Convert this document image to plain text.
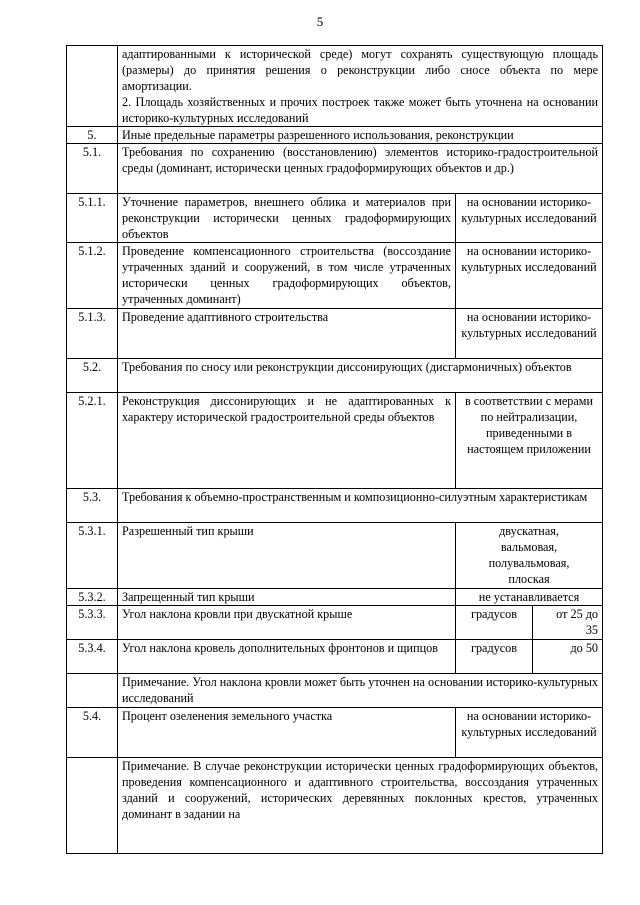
5

	адаптированными к исторической среде) могут сохранять существующую площадь (размеры) до принятия решения о реконструкции либо сносе объекта по мере амортизации.
2. Площадь хозяйственных и прочих построек также может быть уточнена на основании историко-культурных исследований		

5.	Иные предельные параметры разрешенного использования, реконструкции		
5.1.	Требования по сохранению (восстановлению) элементов историко-градостроительной среды (доминант, исторически ценных градоформирующих объектов и др.)		
5.1.1.	Уточнение параметров, внешнего облика и материалов при реконструкции исторически ценных градоформирующих объектов	на основании историко-культурных исследований	
5.1.2.	Проведение компенсационного строительства (воссоздание утраченных зданий и сооружений, в том числе утраченных исторически ценных градоформирующих объектов, утраченных доминант)	на основании историко-культурных исследований	
5.1.3.	Проведение адаптивного строительства	на основании историко-культурных исследований	
5.2.	Требования по сносу или реконструкции диссонирующих (дисгармоничных) объектов		
5.2.1.	Реконструкция диссонирующих и не адаптированных к характеру исторической градостроительной среды объектов	в соответствии с мерами по нейтрализации, приведенными в настоящем приложении	
5.3.	Требования к объемно-пространственным и композиционно-силуэтным характеристикам		
5.3.1.	Разрешенный тип крыши	двускатная, вальмовая, полувальмовая, плоская	
5.3.2.	Запрещенный тип крыши	не устанавливается	
5.3.3.	Угол наклона кровли при двускатной крыше	градусов	от 25 до 35
5.3.4.	Угол наклона кровель дополнительных фронтонов и щипцов	градусов	до 50
	Примечание. Угол наклона кровли может быть уточнен на основании историко-культурных исследований		
5.4.	Процент озеленения земельного участка	на основании историко-культурных исследований	
	Примечание. В случае реконструкции исторически ценных градоформирующих объектов, проведения компенсационного и адаптивного строительства, воссоздания утраченных зданий и сооружений, исторических деревянных поклонных крестов, утраченных доминант в задании на		
